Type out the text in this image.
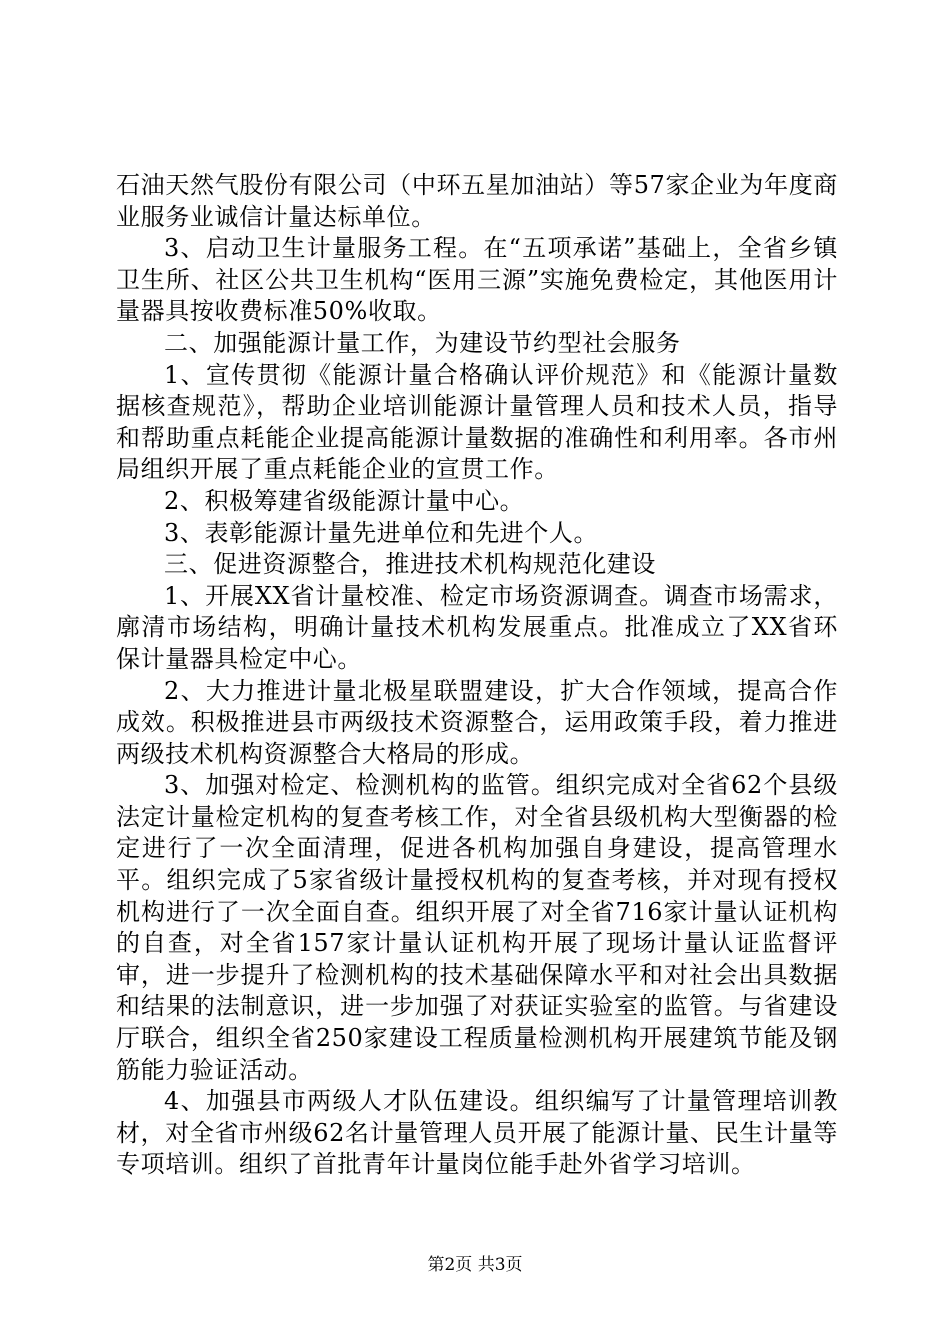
石油天然气股份有限公司（中环五星加油站）等57家企业为年度商业服务业诚信计量达标单位。

3、启动卫生计量服务工程。在“五项承诺”基础上，全省乡镇卫生所、社区公共卫生机构“医用三源”实施免费检定，其他医用计量器具按收费标准50%收取。

二、加强能源计量工作，为建设节约型社会服务

1、宣传贯彻《能源计量合格确认评价规范》和《能源计量数据核查规范》，帮助企业培训能源计量管理人员和技术人员，指导和帮助重点耗能企业提高能源计量数据的准确性和利用率。各市州局组织开展了重点耗能企业的宣贯工作。

2、积极筹建省级能源计量中心。

3、表彰能源计量先进单位和先进个人。

三、促进资源整合，推进技术机构规范化建设

1、开展XX省计量校准、检定市场资源调查。调查市场需求，廓清市场结构，明确计量技术机构发展重点。批准成立了XX省环保计量器具检定中心。

2、大力推进计量北极星联盟建设，扩大合作领域，提高合作成效。积极推进县市两级技术资源整合，运用政策手段，着力推进两级技术机构资源整合大格局的形成。

3、加强对检定、检测机构的监管。组织完成对全省62个县级法定计量检定机构的复查考核工作，对全省县级机构大型衡器的检定进行了一次全面清理，促进各机构加强自身建设，提高管理水平。组织完成了5家省级计量授权机构的复查考核，并对现有授权机构进行了一次全面自查。组织开展了对全省716家计量认证机构的自查，对全省157家计量认证机构开展了现场计量认证监督评审，进一步提升了检测机构的技术基础保障水平和对社会出具数据和结果的法制意识，进一步加强了对获证实验室的监管。与省建设厅联合，组织全省250家建设工程质量检测机构开展建筑节能及钢筋能力验证活动。

4、加强县市两级人才队伍建设。组织编写了计量管理培训教材，对全省市州级62名计量管理人员开展了能源计量、民生计量等专项培训。组织了首批青年计量岗位能手赴外省学习培训。

第2页 共3页
